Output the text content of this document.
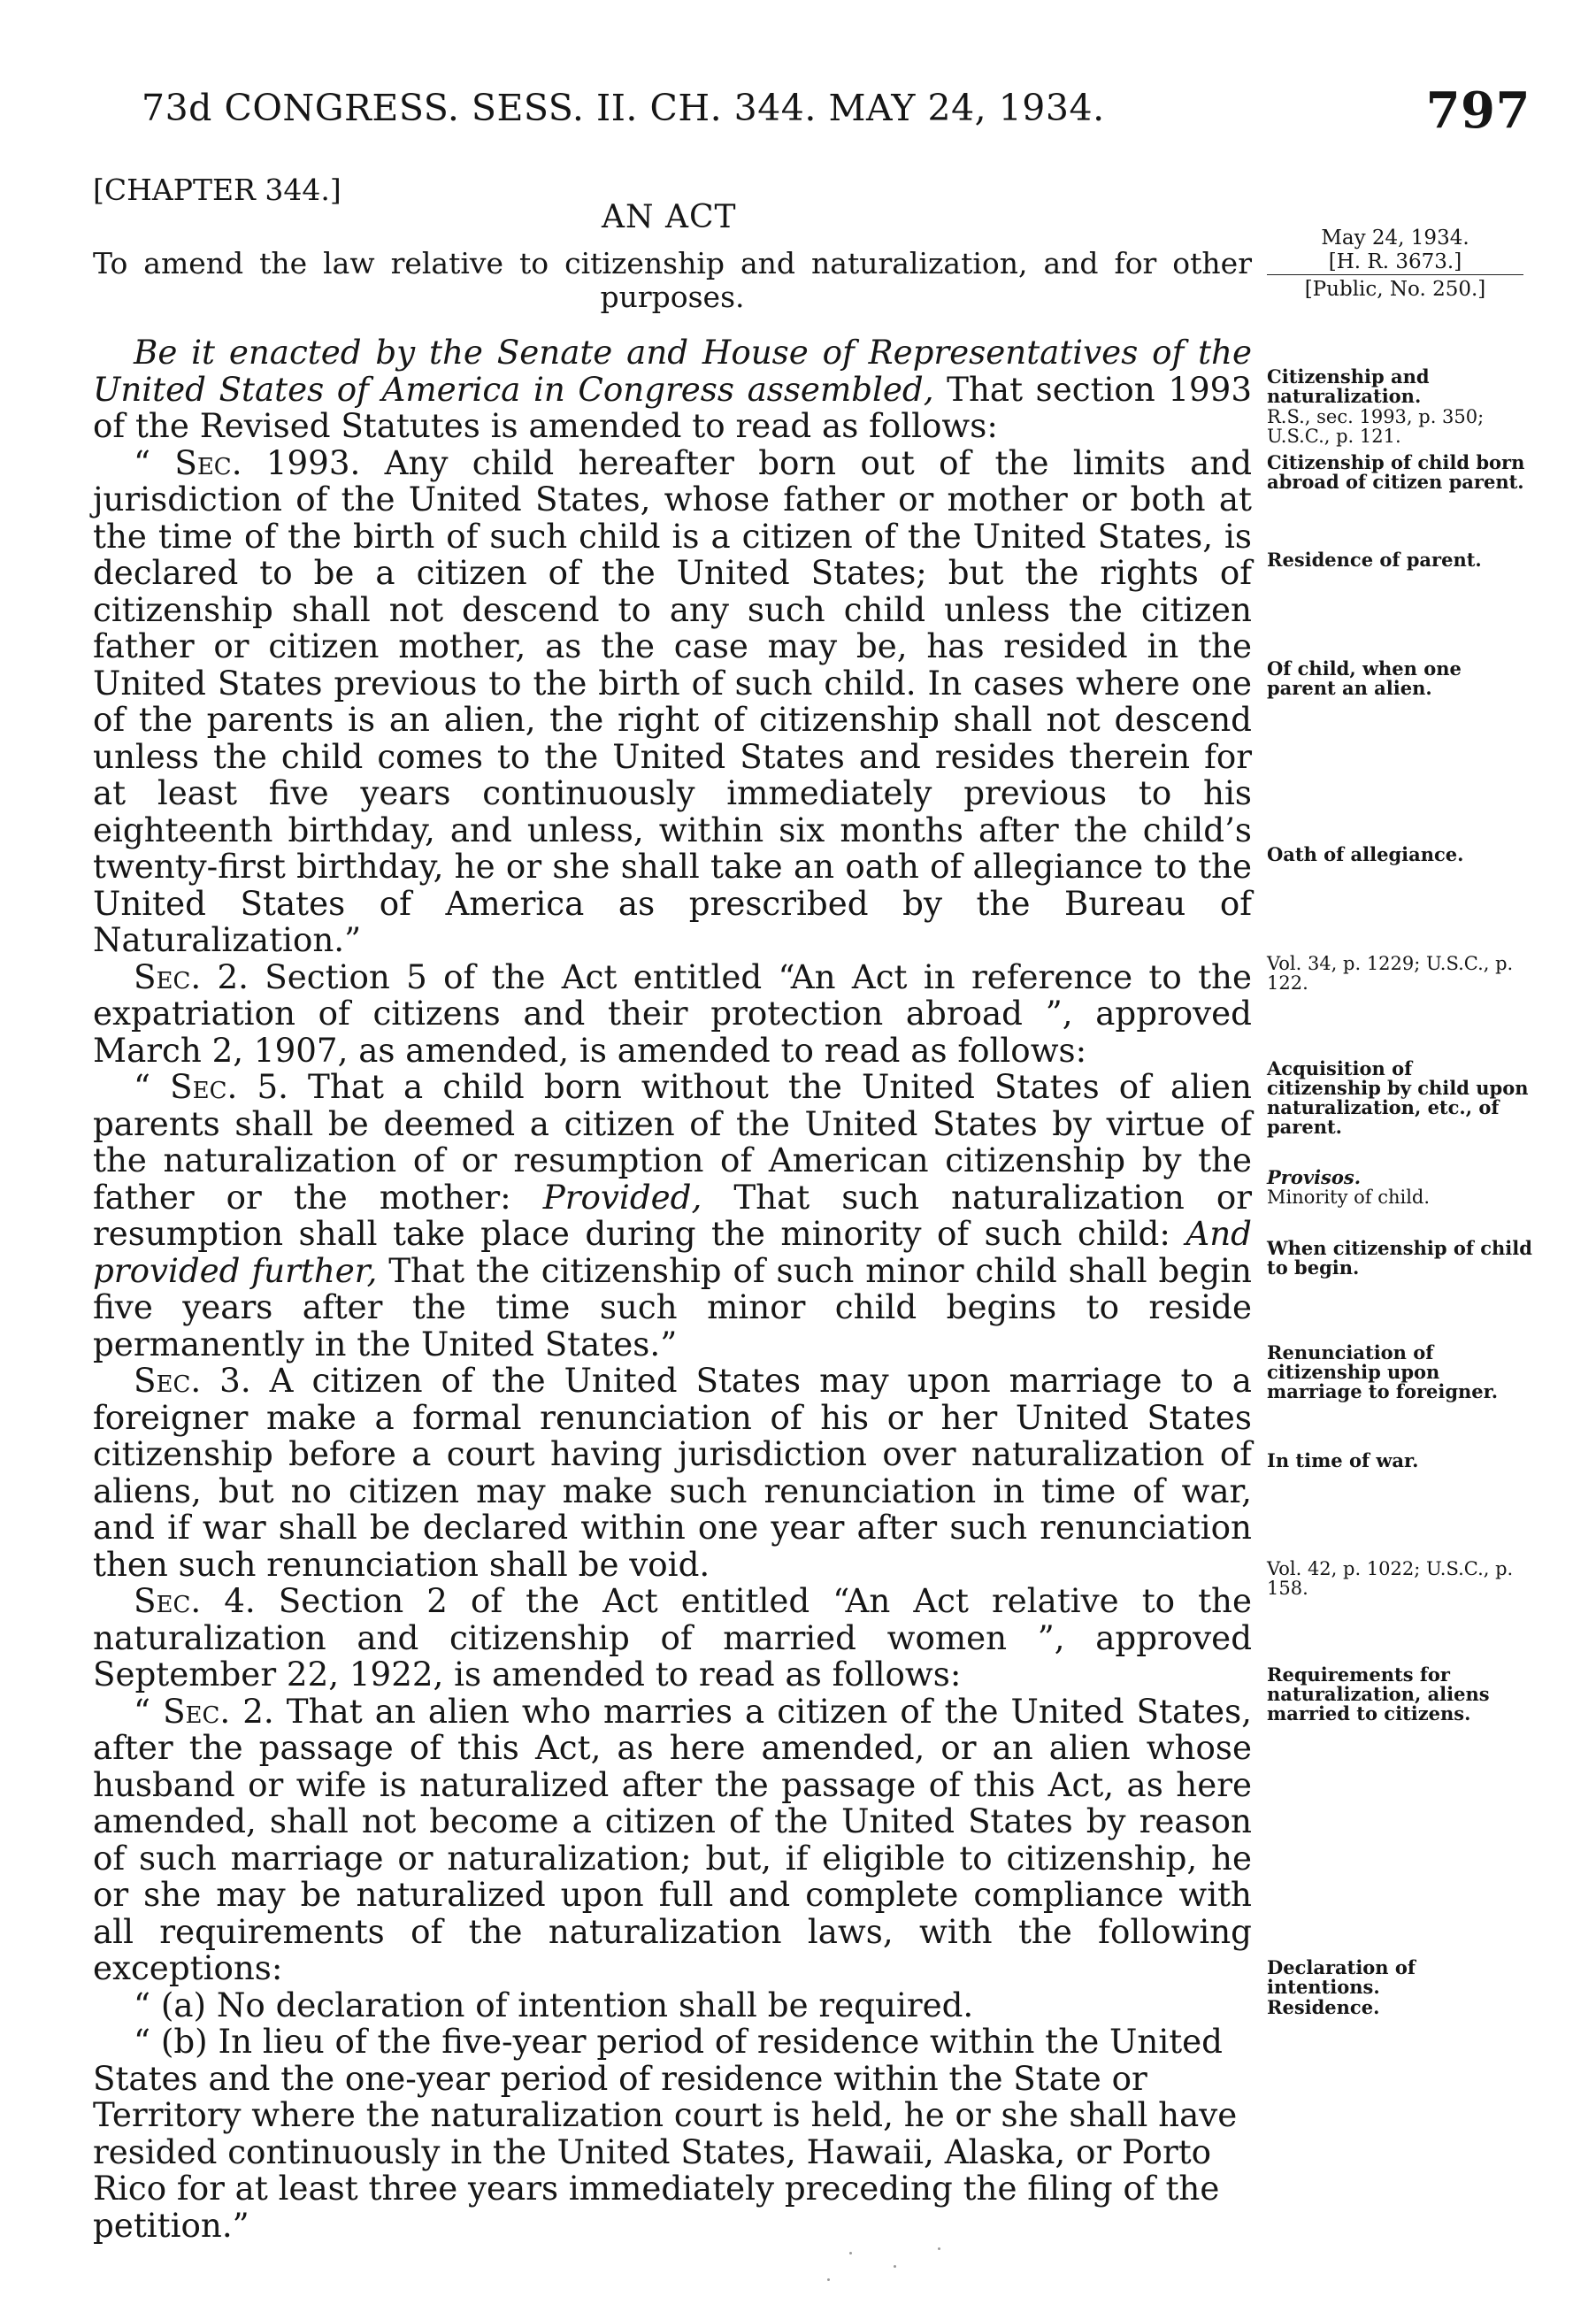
73d CONGRESS. SESS. II. CH. 344. MAY 24, 1934.	797
[CHAPTER 344.]
AN ACT
To amend the law relative to citizenship and naturalization, and for other
purposes.
May 24, 1934.
[H. R. 3673.]
[Public, No. 250.]

Be it enacted by the Senate and House of Representatives of the United States of America in Congress assembled, That section 1993 of the Revised Statutes is amended to read as follows:

“ Sec. 1993. Any child hereafter born out of the limits and jurisdiction of the United States, whose father or mother or both at the time of the birth of such child is a citizen of the United States, is declared to be a citizen of the United States; but the rights of citizenship shall not descend to any such child unless the citizen father or citizen mother, as the case may be, has resided in the United States previous to the birth of such child. In cases where one of the parents is an alien, the right of citizenship shall not descend unless the child comes to the United States and resides therein for at least five years continuously immediately previous to his eighteenth birthday, and unless, within six months after the child’s twenty-first birthday, he or she shall take an oath of allegiance to the United States of America as prescribed by the Bureau of Naturalization.”

Sec. 2. Section 5 of the Act entitled “An Act in reference to the expatriation of citizens and their protection abroad ”, approved March 2, 1907, as amended, is amended to read as follows:

“ Sec. 5. That a child born without the United States of alien parents shall be deemed a citizen of the United States by virtue of the naturalization of or resumption of American citizenship by the father or the mother: Provided, That such naturalization or resumption shall take place during the minority of such child: And provided further, That the citizenship of such minor child shall begin five years after the time such minor child begins to reside permanently in the United States.”

Sec. 3. A citizen of the United States may upon marriage to a foreigner make a formal renunciation of his or her United States citizenship before a court having jurisdiction over naturalization of aliens, but no citizen may make such renunciation in time of war, and if war shall be declared within one year after such renunciation then such renunciation shall be void.

Sec. 4. Section 2 of the Act entitled “An Act relative to the naturalization and citizenship of married women ”, approved September 22, 1922, is amended to read as follows:

“ Sec. 2. That an alien who marries a citizen of the United States, after the passage of this Act, as here amended, or an alien whose husband or wife is naturalized after the passage of this Act, as here amended, shall not become a citizen of the United States by reason of such marriage or naturalization; but, if eligible to citizenship, he or she may be naturalized upon full and complete compliance with all requirements of the naturalization laws, with the following exceptions:

“ (a) No declaration of intention shall be required.

“ (b) In lieu of the five-year period of residence within the United States and the one-year period of residence within the State or Territory where the naturalization court is held, he or she shall have resided continuously in the United States, Hawaii, Alaska, or Porto Rico for at least three years immediately preceding the filing of the petition.”

Citizenship and naturalization.
R.S., sec. 1993, p. 350; U.S.C., p. 121.
Citizenship of child born abroad of citizen parent.
Residence of parent.
Of child, when one parent an alien.
Oath of allegiance.
Vol. 34, p. 1229; U.S.C., p. 122.
Acquisition of citizenship by child upon naturalization, etc., of parent.
Provisos.
Minority of child.
When citizenship of child to begin.
Renunciation of citizenship upon marriage to foreigner.
In time of war.
Vol. 42, p. 1022; U.S.C., p. 158.
Requirements for naturalization, aliens married to citizens.
Declaration of intentions.
Residence.
